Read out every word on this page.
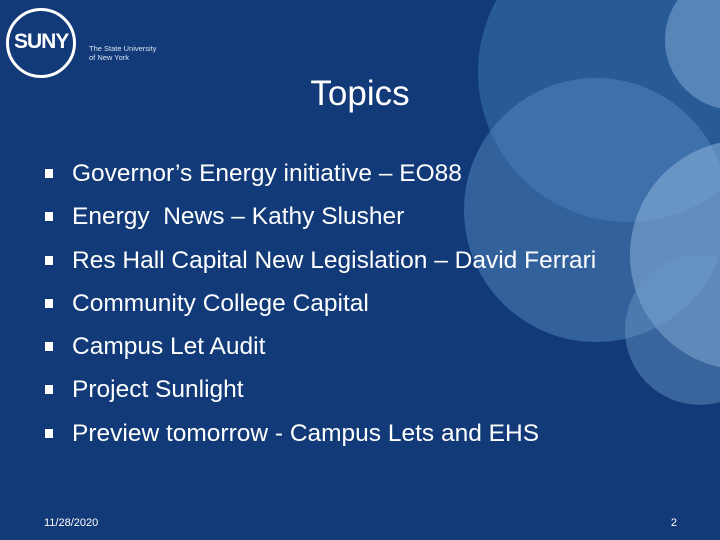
SUNY	The State University
of New York
Topics
Governor’s Energy initiative – EO88
Energy  News – Kathy Slusher
Res Hall Capital New Legislation – David Ferrari
Community College Capital
Campus Let Audit
Project Sunlight
Preview tomorrow - Campus Lets and EHS
11/28/2020	2
